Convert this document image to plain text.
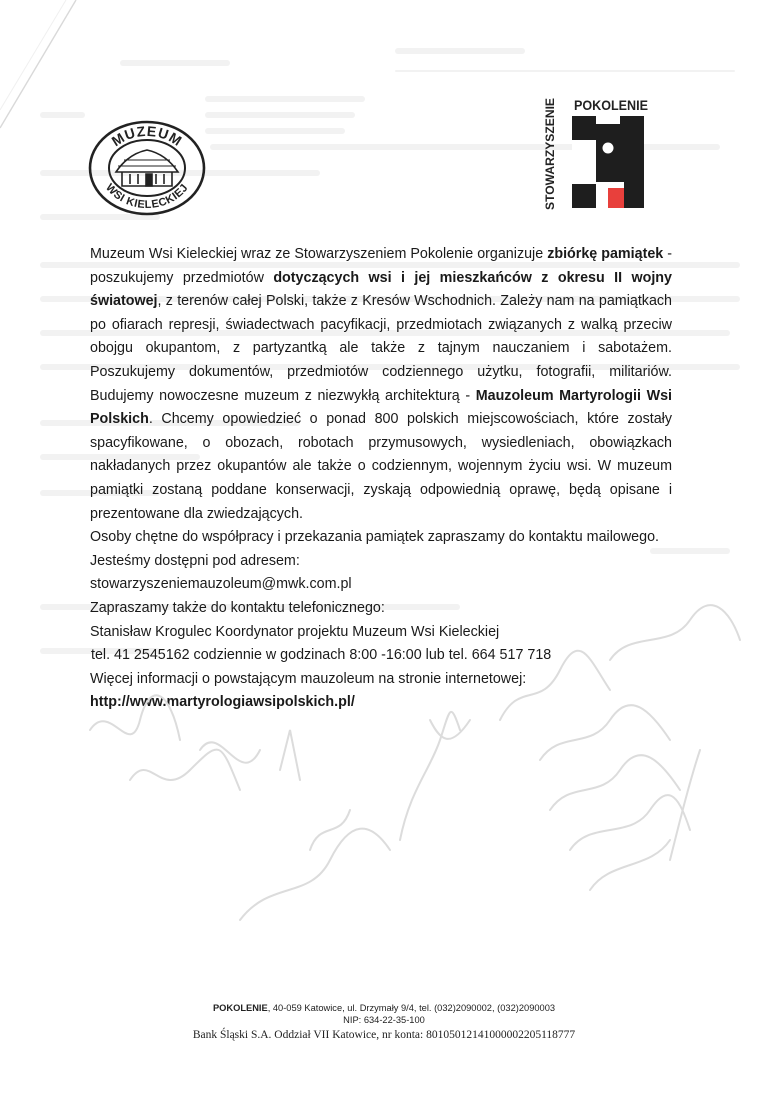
MUZEUM
WSI KIELECKIEJ	STOWARZYSZENIE POKOLENIE

Muzeum Wsi Kieleckiej wraz ze Stowarzyszeniem Pokolenie organizuje zbiórkę pamiątek - poszukujemy przedmiotów dotyczących wsi i jej mieszkańców z okresu II wojny światowej, z terenów całej Polski, także z Kresów Wschodnich. Zależy nam na pamiątkach po ofiarach represji, świadectwach pacyfikacji, przedmiotach związanych z walką przeciw obojgu okupantom, z partyzantką ale także z tajnym nauczaniem i sabotażem. Poszukujemy dokumentów, przedmiotów codziennego użytku, fotografii, militariów. Budujemy nowoczesne muzeum z niezwykłą architekturą - Mauzoleum Martyrologii Wsi Polskich. Chcemy opowiedzieć o ponad 800 polskich miejscowościach, które zostały spacyfikowane, o obozach, robotach przymusowych, wysiedleniach, obowiązkach nakładanych przez okupantów ale także o codziennym, wojennym życiu wsi. W muzeum pamiątki zostaną poddane konserwacji, zyskają odpowiednią oprawę, będą opisane i prezentowane dla zwiedzających.

Osoby chętne do współpracy i przekazania pamiątek zapraszamy do kontaktu mailowego.

Jesteśmy dostępni pod adresem:

stowarzyszeniemauzoleum@mwk.com.pl

Zapraszamy także do kontaktu telefonicznego:

Stanisław Krogulec Koordynator projektu Muzeum Wsi Kieleckiej

tel. 41 2545162 codziennie w godzinach 8:00 -16:00 lub tel. 664 517 718

Więcej informacji o powstającym mauzoleum na stronie internetowej:

http://www.martyrologiawsipolskich.pl/

POKOLENIE, 40-059 Katowice, ul. Drzymały 9/4, tel. (032)2090002, (032)2090003
NIP: 634-22-35-100
Bank Śląski S.A. Oddział VII Katowice, nr konta: 80105012141000002205118777
